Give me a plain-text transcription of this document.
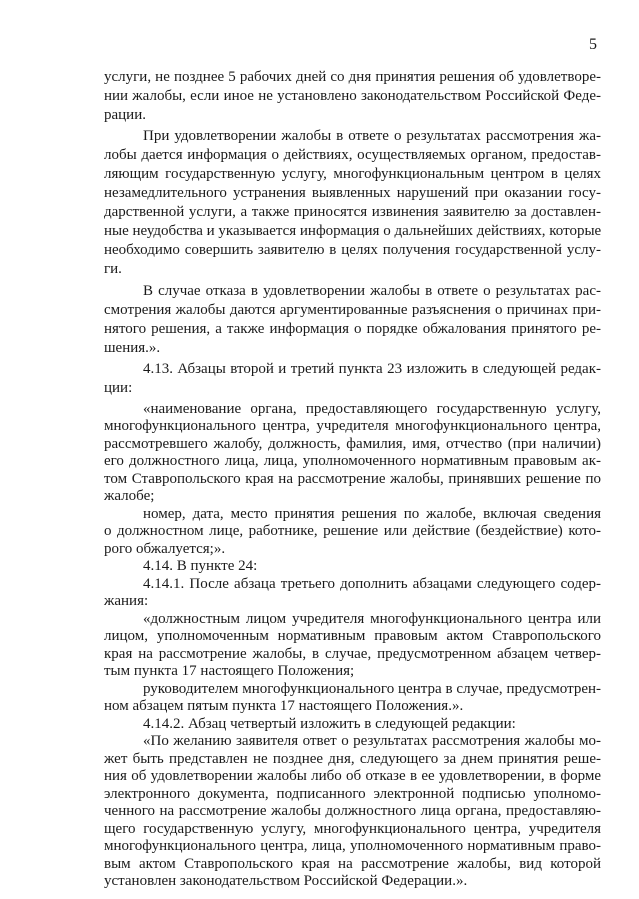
5
услуги, не позднее 5 рабочих дней со дня принятия решения об удовлетворе-
нии жалобы, если иное не установлено законодательством Российской Феде-
рации.
При удовлетворении жалобы в ответе о результатах рассмотрения жа-
лобы дается информация о действиях, осуществляемых органом, предостав-
ляющим государственную услугу, многофункциональным центром в целях
незамедлительного устранения выявленных нарушений при оказании госу-
дарственной услуги, а также приносятся извинения заявителю за доставлен-
ные неудобства и указывается информация о дальнейших действиях, которые
необходимо совершить заявителю в целях получения государственной услу-
ги.
В случае отказа в удовлетворении жалобы в ответе о результатах рас-
смотрения жалобы даются аргументированные разъяснения о причинах при-
нятого решения, а также информация о порядке обжалования принятого ре-
шения.».
4.13. Абзацы второй и третий пункта 23 изложить в следующей редак-
ции:
«наименование органа, предоставляющего государственную услугу,
многофункционального центра, учредителя многофункционального центра,
рассмотревшего жалобу, должность, фамилия, имя, отчество (при наличии)
его должностного лица, лица, уполномоченного нормативным правовым ак-
том Ставропольского края на рассмотрение жалобы, принявших решение по
жалобе;
номер, дата, место принятия решения по жалобе, включая сведения
о должностном лице, работнике, решение или действие (бездействие) кото-
рого обжалуется;».
4.14. В пункте 24:
4.14.1. После абзаца третьего дополнить абзацами следующего содер-
жания:
«должностным лицом учредителя многофункционального центра или
лицом, уполномоченным нормативным правовым актом Ставропольского
края на рассмотрение жалобы, в случае, предусмотренном абзацем четвер-
тым пункта 17 настоящего Положения;
руководителем многофункционального центра в случае, предусмотрен-
ном абзацем пятым пункта 17 настоящего Положения.».
4.14.2. Абзац четвертый изложить в следующей редакции:
«По желанию заявителя ответ о результатах рассмотрения жалобы мо-
жет быть представлен не позднее дня, следующего за днем принятия реше-
ния об удовлетворении жалобы либо об отказе в ее удовлетворении, в форме
электронного документа, подписанного электронной подписью уполномо-
ченного на рассмотрение жалобы должностного лица органа, предоставляю-
щего государственную услугу, многофункционального центра, учредителя
многофункционального центра, лица, уполномоченного нормативным право-
вым актом Ставропольского края на рассмотрение жалобы, вид которой
установлен законодательством Российской Федерации.».
